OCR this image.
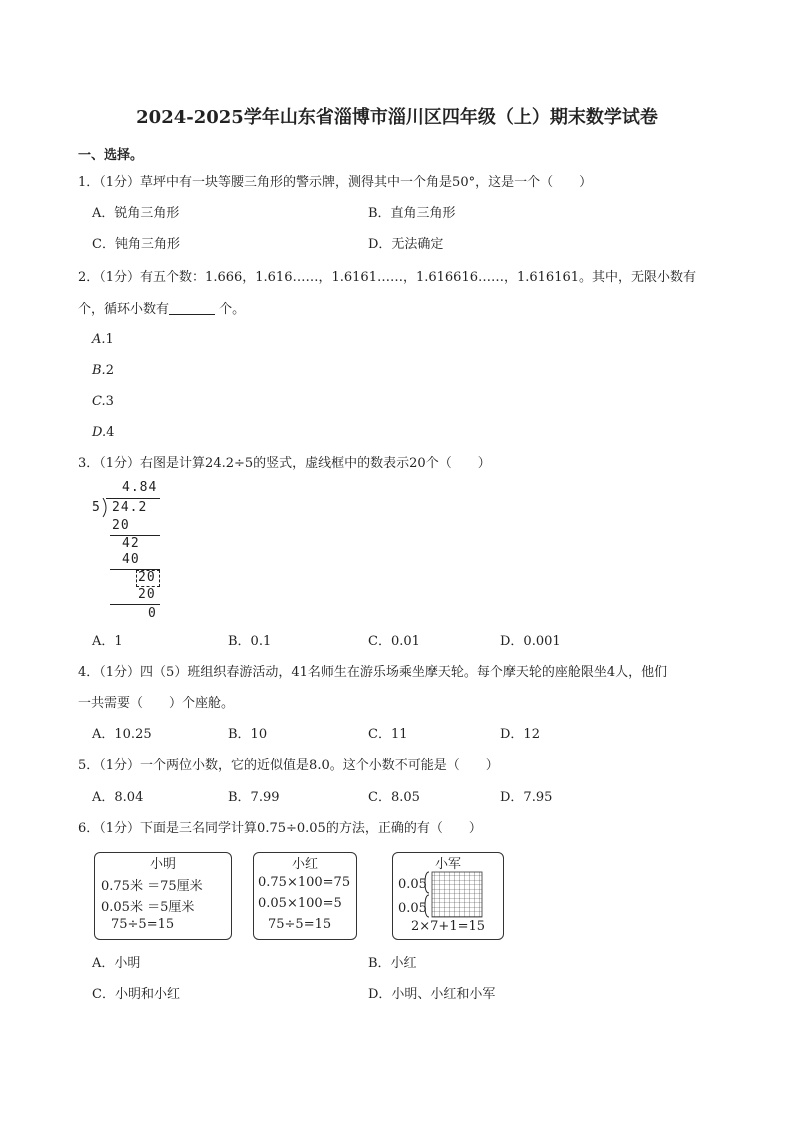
2024-2025学年山东省淄博市淄川区四年级（上）期末数学试卷
一、选择。
1．（1分）草坪中有一块等腰三角形的警示牌，测得其中一个角是50°，这是一个（　　）
A．锐角三角形	B．直角三角形
C．钝角三角形	D．无法确定
2．（1分）有五个数：1.666，1.616……，1.6161……，1.616616……，1.616161。其中，无限小数有
个，循环小数有	个。
A.1
B.2
C.3
D.4
3．（1分）右图是计算24.2÷5的竖式，虚线框中的数表示20个（　　）
4.84
5 24.2
20
42
40
20
20
0
A．1	B．0.1	C．0.01	D．0.001
4．（1分）四（5）班组织春游活动，41名师生在游乐场乘坐摩天轮。每个摩天轮的座舱限坐4人，他们
一共需要（　　）个座舱。
A．10.25	B．10	C．11	D．12
5．（1分）一个两位小数，它的近似值是8.0。这个小数不可能是（　　）
A．8.04	B．7.99	C．8.05	D．7.95
6．（1分）下面是三名同学计算0.75÷0.05的方法，正确的有（　　）
小明
0.75米 ＝75厘米
0.05米 ＝5厘米
75÷5=15
小红
0.75×100=75
0.05×100=5
75÷5=15
小军
0.05
0.05
2×7+1=15
A．小明	B．小红
C．小明和小红	D．小明、小红和小军
